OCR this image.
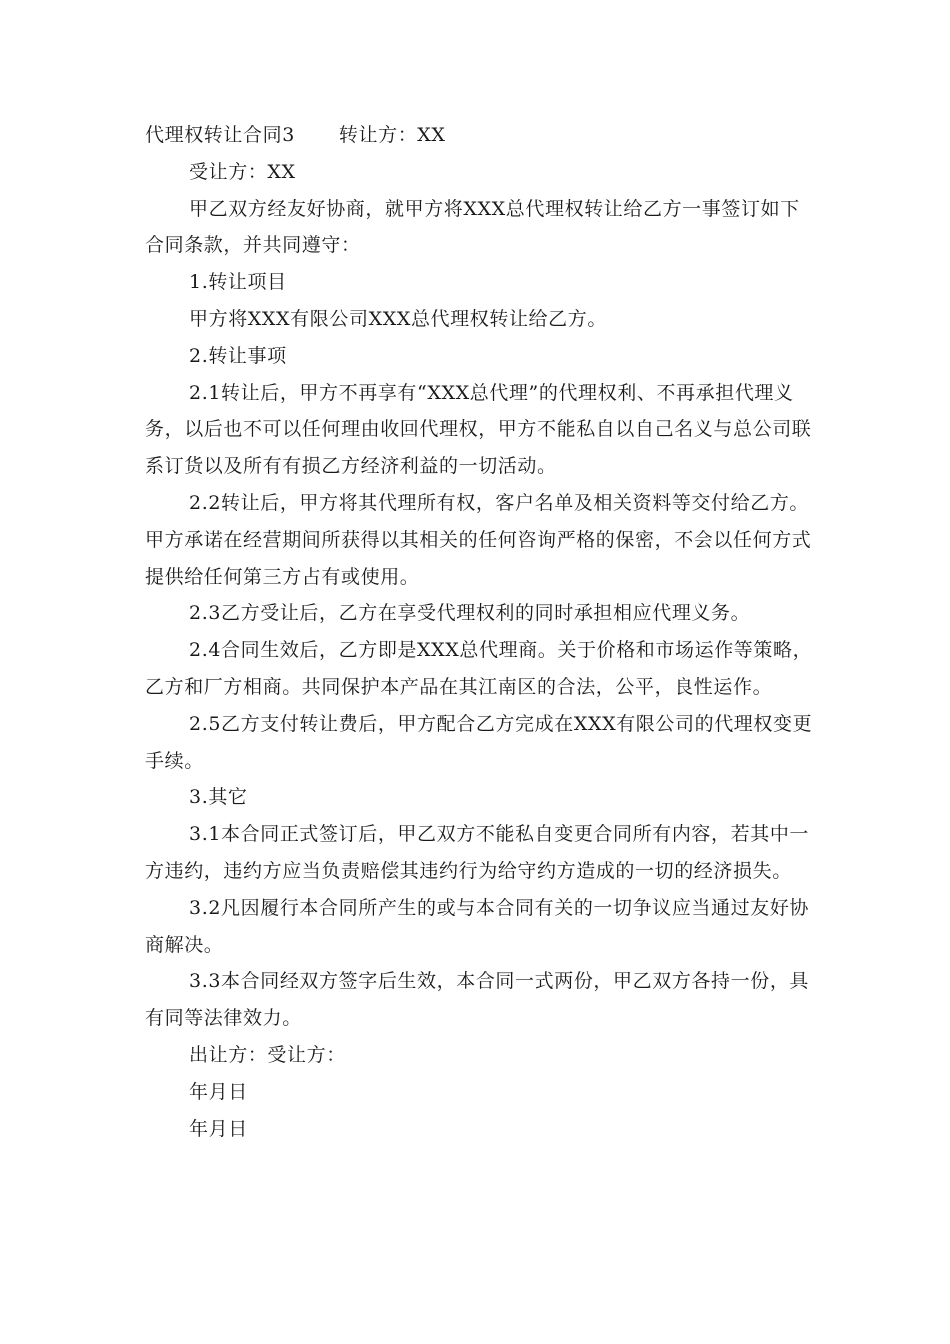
代理权转让合同3 转让方：XX

受让方：XX

甲乙双方经友好协商，就甲方将XXX总代理权转让给乙方一事签订如下合同条款，并共同遵守：

1.转让项目

甲方将XXX有限公司XXX总代理权转让给乙方。

2.转让事项

2.1转让后，甲方不再享有“XXX总代理”的代理权利、不再承担代理义务，以后也不可以任何理由收回代理权，甲方不能私自以自己名义与总公司联系订货以及所有有损乙方经济利益的一切活动。

2.2转让后，甲方将其代理所有权，客户名单及相关资料等交付给乙方。甲方承诺在经营期间所获得以其相关的任何咨询严格的保密，不会以任何方式提供给任何第三方占有或使用。

2.3乙方受让后，乙方在享受代理权利的同时承担相应代理义务。

2.4合同生效后，乙方即是XXX总代理商。关于价格和市场运作等策略，乙方和厂方相商。共同保护本产品在其江南区的合法，公平，良性运作。

2.5乙方支付转让费后，甲方配合乙方完成在XXX有限公司的代理权变更手续。

3.其它

3.1本合同正式签订后，甲乙双方不能私自变更合同所有内容，若其中一方违约，违约方应当负责赔偿其违约行为给守约方造成的一切的经济损失。

3.2凡因履行本合同所产生的或与本合同有关的一切争议应当通过友好协商解决。

3.3本合同经双方签字后生效，本合同一式两份，甲乙双方各持一份，具有同等法律效力。

出让方：受让方：

年月日

年月日
